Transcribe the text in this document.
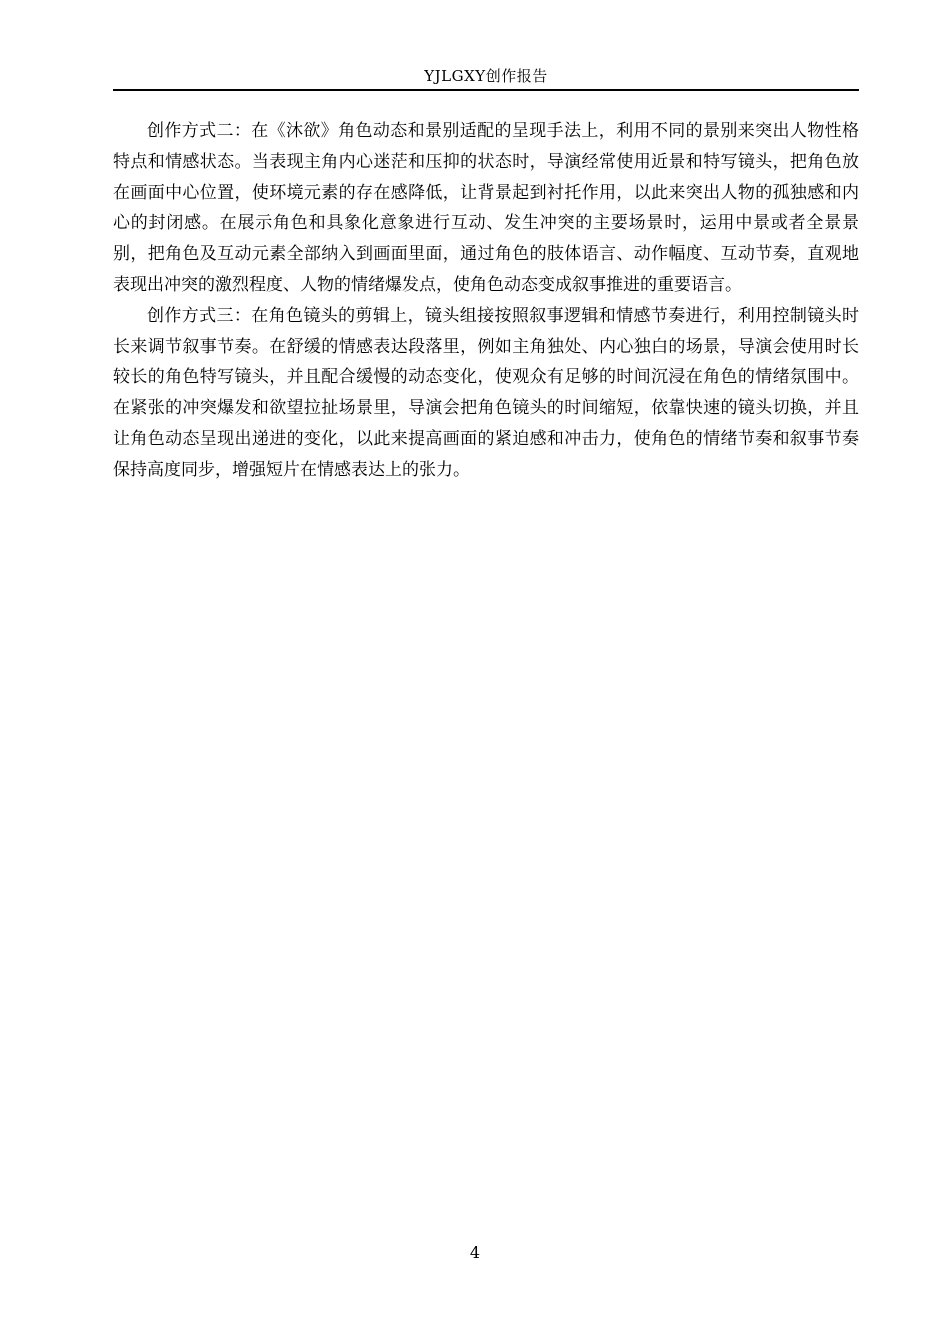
YJLGXY创作报告

创作方式二：在《沐欲》角色动态和景别适配的呈现手法上，利用不同的景别来突出人物性格特点和情感状态。当表现主角内心迷茫和压抑的状态时，导演经常使用近景和特写镜头，把角色放在画面中心位置，使环境元素的存在感降低，让背景起到衬托作用，以此来突出人物的孤独感和内心的封闭感。在展示角色和具象化意象进行互动、发生冲突的主要场景时，运用中景或者全景景别，把角色及互动元素全部纳入到画面里面，通过角色的肢体语言、动作幅度、互动节奏，直观地表现出冲突的激烈程度、人物的情绪爆发点，使角色动态变成叙事推进的重要语言。

创作方式三：在角色镜头的剪辑上，镜头组接按照叙事逻辑和情感节奏进行，利用控制镜头时长来调节叙事节奏。在舒缓的情感表达段落里，例如主角独处、内心独白的场景，导演会使用时长较长的角色特写镜头，并且配合缓慢的动态变化，使观众有足够的时间沉浸在角色的情绪氛围中。在紧张的冲突爆发和欲望拉扯场景里，导演会把角色镜头的时间缩短，依靠快速的镜头切换，并且让角色动态呈现出递进的变化，以此来提高画面的紧迫感和冲击力，使角色的情绪节奏和叙事节奏保持高度同步，增强短片在情感表达上的张力。

4
